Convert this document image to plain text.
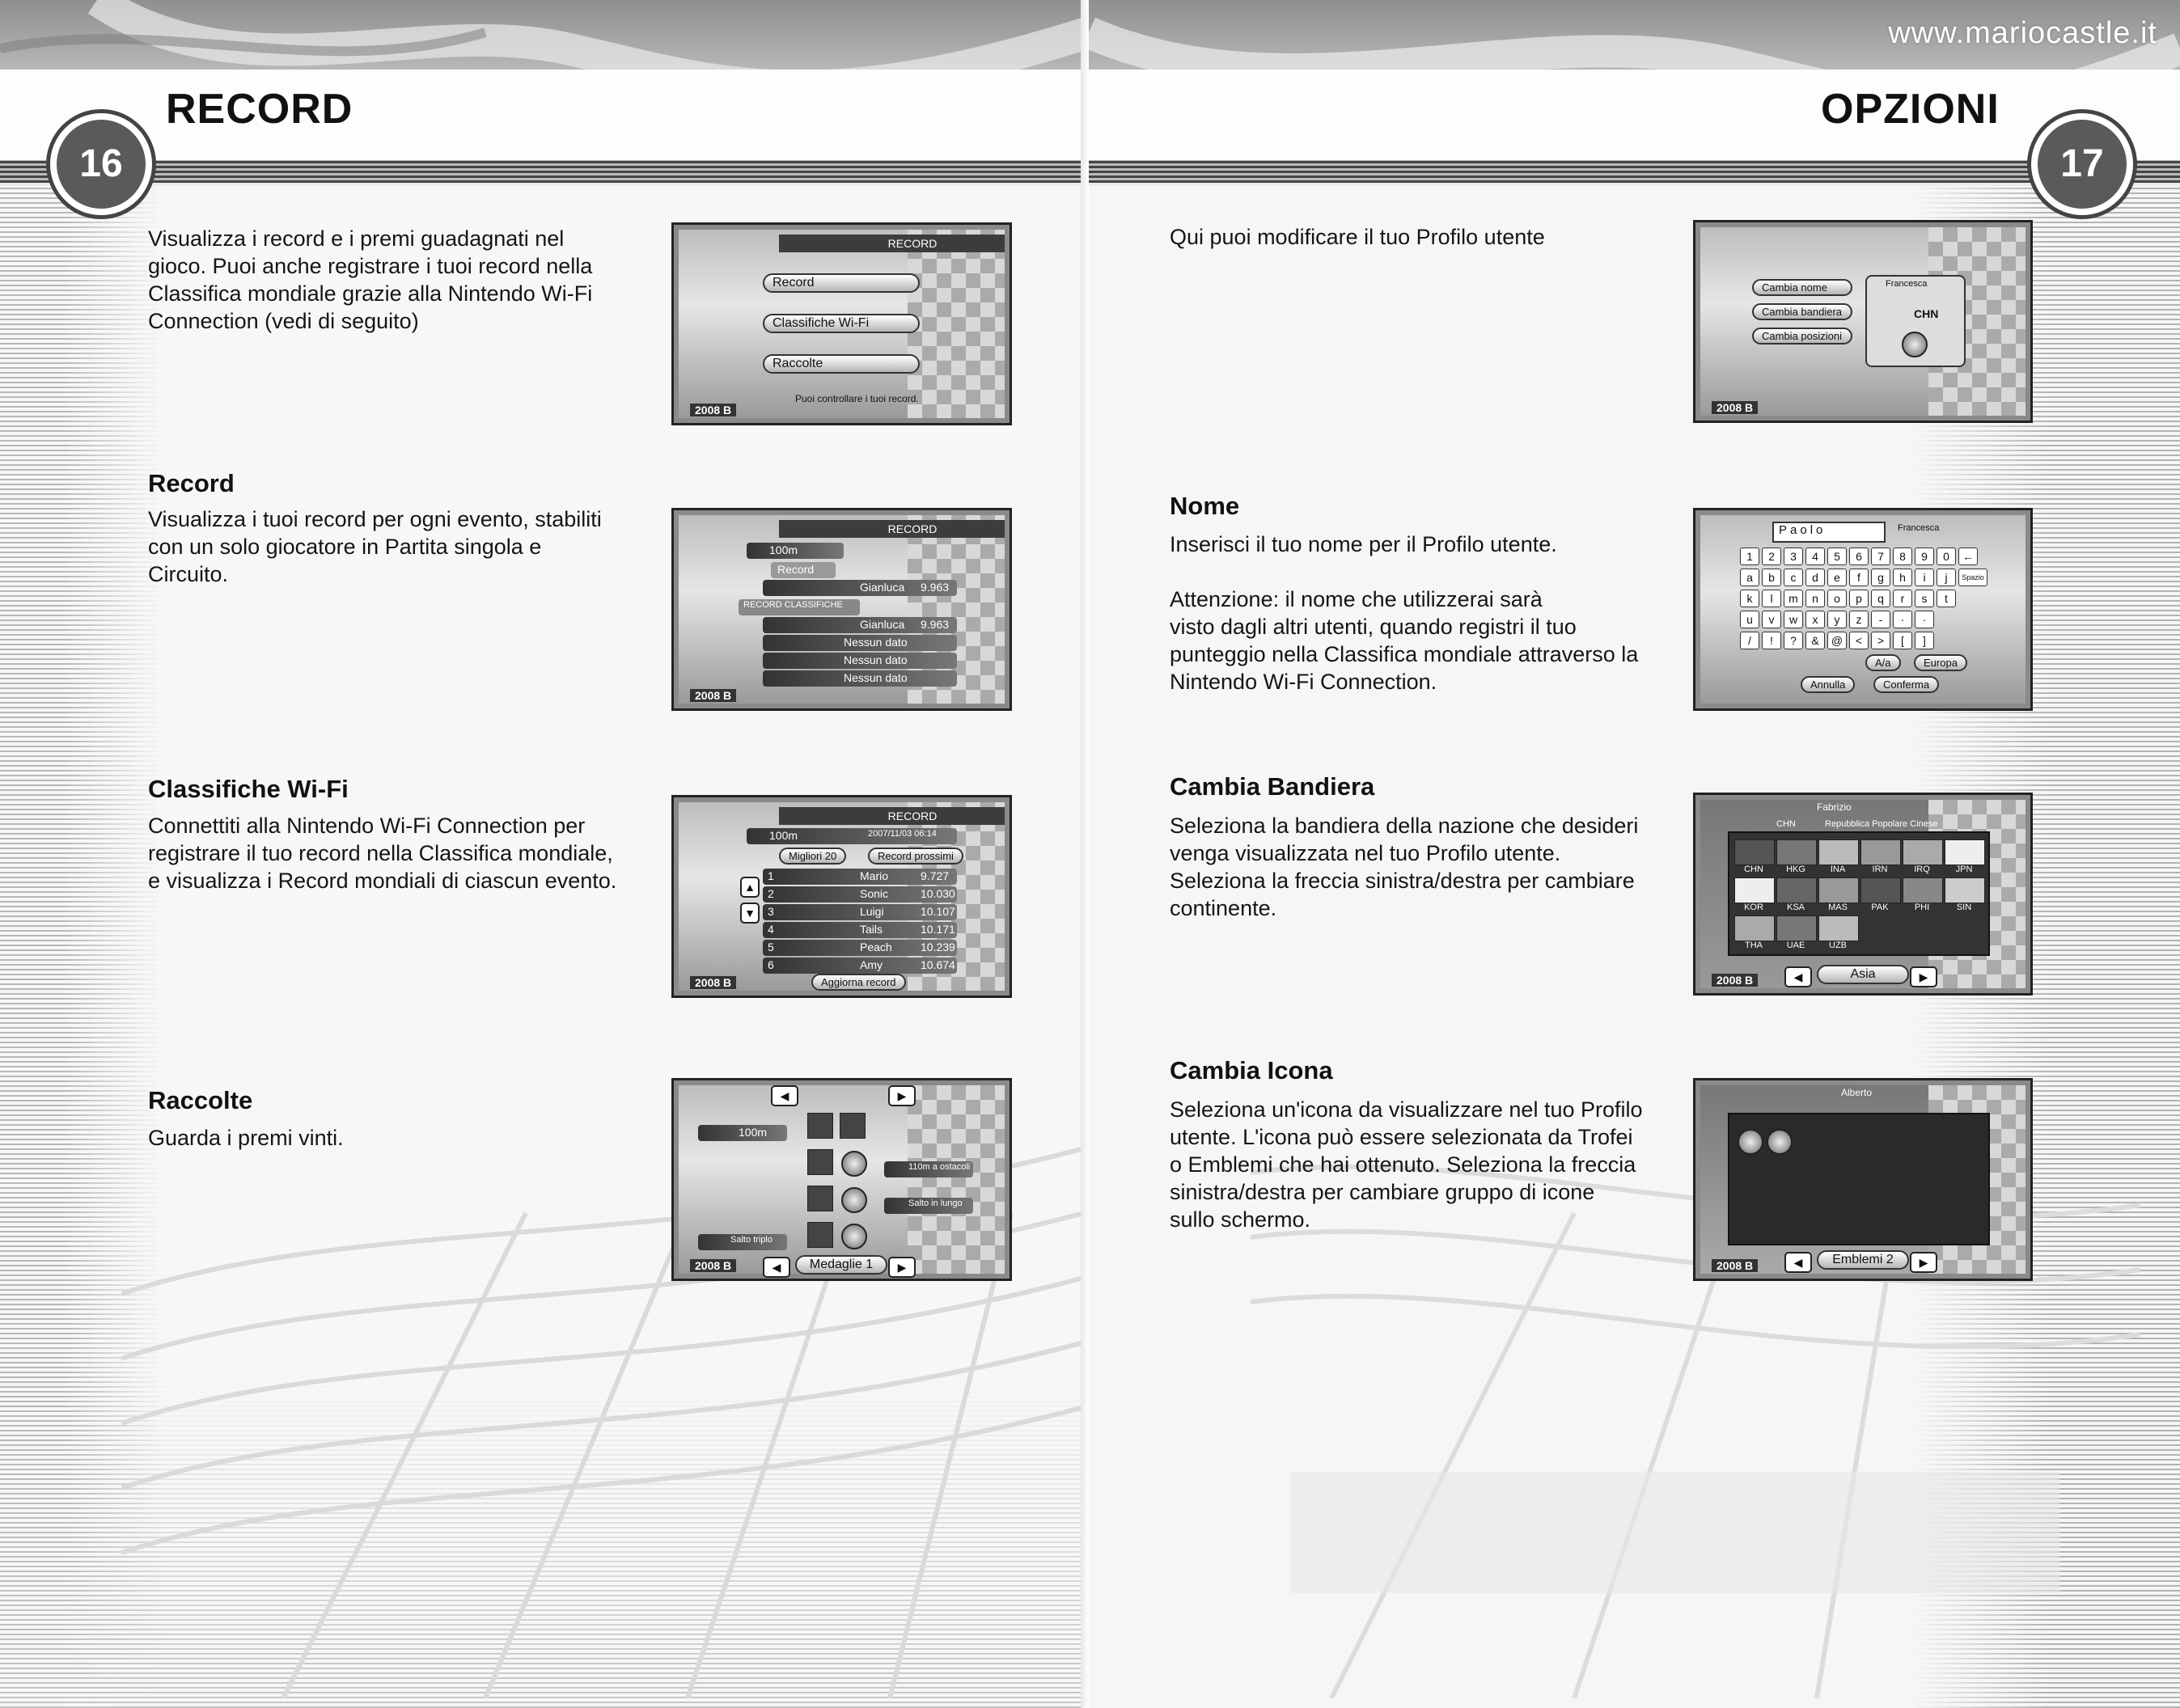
16
RECORD
Visualizza i record e i premi guadagnati nel
gioco. Puoi anche registrare i tuoi record nella
Classifica mondiale grazie alla Nintendo Wi-Fi
Connection (vedi di seguito)
RECORD
Record
Classifiche Wi-Fi
Raccolte
Puoi controllare i tuoi record.
2008 B
Record
Visualizza i tuoi record per ogni evento, stabiliti
con un solo giocatore in Partita singola e
Circuito.
RECORD
100m
Record
Gianluca 9.963
RECORD CLASSIFICHE
Gianluca 9.963
Nessun dato
Nessun dato
Nessun dato
2008 B
Classifiche Wi-Fi
Connettiti alla Nintendo Wi-Fi Connection per
registrare il tuo record nella Classifica mondiale,
e visualizza i Record mondiali di ciascun evento.
RECORD
100m	2007/11/03 06:14
Migliori 20	Record prossimi
▲
▼
1	Mario	9.727
2	Sonic	10.030
3	Luigi	10.107
4	Tails	10.171
5	Peach	10.239
6	Amy	10.674
Aggiorna record
2008 B
Raccolte
Guarda i premi vinti.
◀	▶
100m
110m a ostacoli
Salto in lungo
Salto triplo
◀	Medaglie 1	▶
2008 B
www.mariocastle.it
OPZIONI
17
Qui puoi modificare il tuo Profilo utente
Cambia nome
Cambia bandiera
Cambia posizioni
Francesca
CHN
2008 B
Nome
Inserisci il tuo nome per il Profilo utente.

Attenzione: il nome che utilizzerai sarà
visto dagli altri utenti, quando registri il tuo
punteggio nella Classifica mondiale attraverso la
Nintendo Wi-Fi Connection.
Paolo	Francesca
1	2	3	4	5	6	7	8	9	0	←
a	b	c	d	e	f	g	h	i	j	Spazio
k	l	m	n	o	p	q	r	s	t
u	v	w	x	y	z	-	·	·
/	!	?	&	@	<	>	[	]
A/a	Europa
Annulla	Conferma
Cambia Bandiera
Seleziona la bandiera della nazione che desideri
venga visualizzata nel tuo Profilo utente.
Seleziona la freccia sinistra/destra per cambiare
continente.
Fabrizio
CHN	Repubblica Popolare Cinese
CHN	HKG	INA	IRN	IRQ	JPN
KOR	KSA	MAS	PAK	PHI	SIN
THA	UAE	UZB
◀	Asia	▶
2008 B
Cambia Icona
Seleziona un'icona da visualizzare nel tuo Profilo
utente. L'icona può essere selezionata da Trofei
o Emblemi che hai ottenuto. Seleziona la freccia
sinistra/destra per cambiare gruppo di icone
sullo schermo.
Alberto
◀	Emblemi 2	▶
2008 B
